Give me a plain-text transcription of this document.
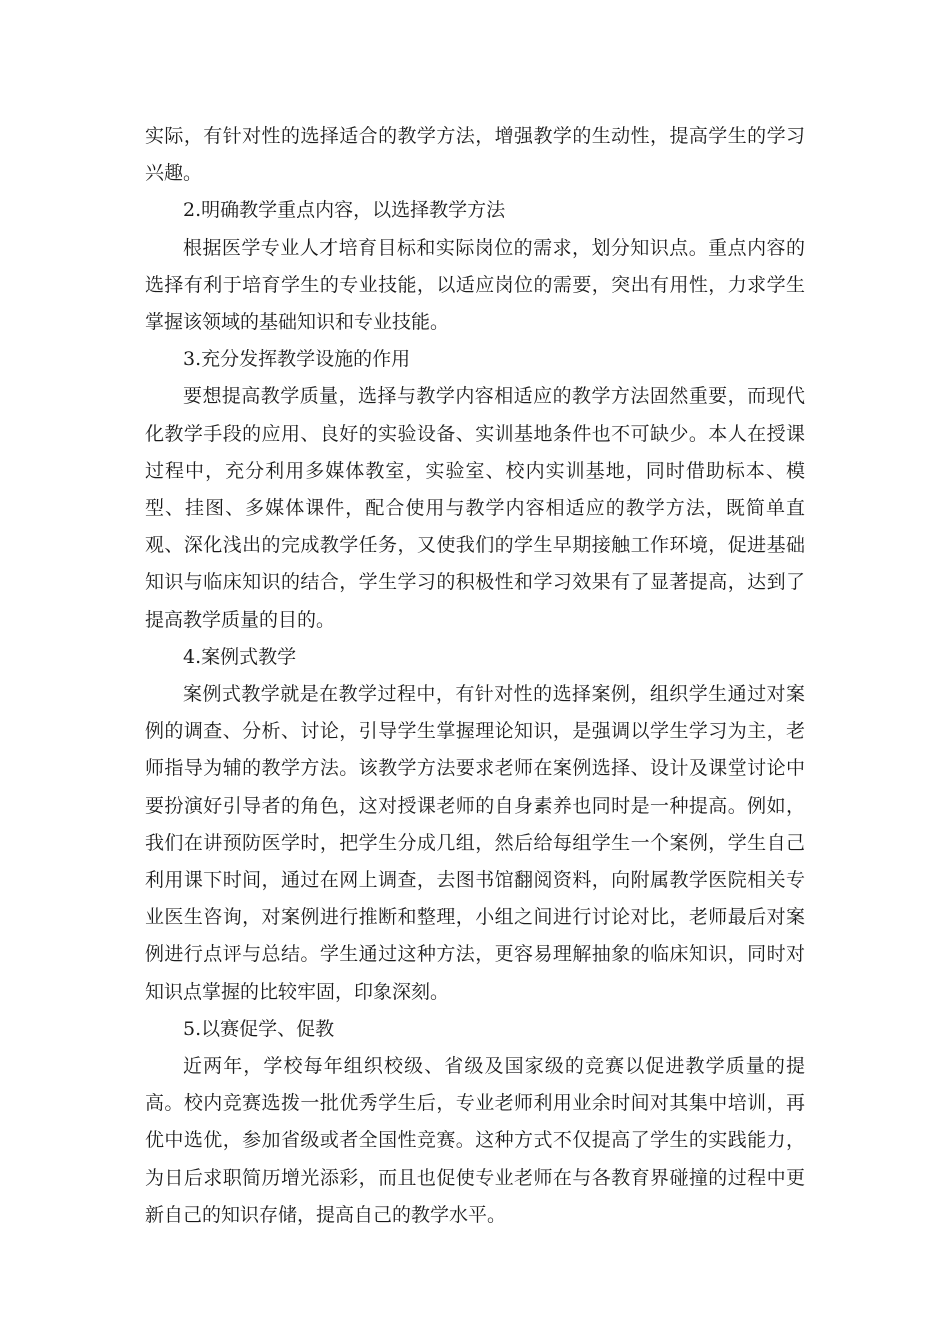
实际，有针对性的选择适合的教学方法，增强教学的生动性，提高学生的学习兴趣。

2.明确教学重点内容，以选择教学方法

根据医学专业人才培育目标和实际岗位的需求，划分知识点。重点内容的选择有利于培育学生的专业技能，以适应岗位的需要，突出有用性，力求学生掌握该领域的基础知识和专业技能。

3.充分发挥教学设施的作用

要想提高教学质量，选择与教学内容相适应的教学方法固然重要，而现代化教学手段的应用、良好的实验设备、实训基地条件也不可缺少。本人在授课过程中，充分利用多媒体教室，实验室、校内实训基地，同时借助标本、模型、挂图、多媒体课件，配合使用与教学内容相适应的教学方法，既简单直观、深化浅出的完成教学任务，又使我们的学生早期接触工作环境，促进基础知识与临床知识的结合，学生学习的积极性和学习效果有了显著提高，达到了提高教学质量的目的。

4.案例式教学

案例式教学就是在教学过程中，有针对性的选择案例，组织学生通过对案例的调查、分析、讨论，引导学生掌握理论知识，是强调以学生学习为主，老师指导为辅的教学方法。该教学方法要求老师在案例选择、设计及课堂讨论中要扮演好引导者的角色，这对授课老师的自身素养也同时是一种提高。例如，我们在讲预防医学时，把学生分成几组，然后给每组学生一个案例，学生自己利用课下时间，通过在网上调查，去图书馆翻阅资料，向附属教学医院相关专业医生咨询，对案例进行推断和整理，小组之间进行讨论对比，老师最后对案例进行点评与总结。学生通过这种方法，更容易理解抽象的临床知识，同时对知识点掌握的比较牢固，印象深刻。

5.以赛促学、促教

近两年，学校每年组织校级、省级及国家级的竞赛以促进教学质量的提高。校内竞赛选拨一批优秀学生后，专业老师利用业余时间对其集中培训，再优中选优，参加省级或者全国性竞赛。这种方式不仅提高了学生的实践能力，为日后求职简历增光添彩，而且也促使专业老师在与各教育界碰撞的过程中更新自己的知识存储，提高自己的教学水平。
